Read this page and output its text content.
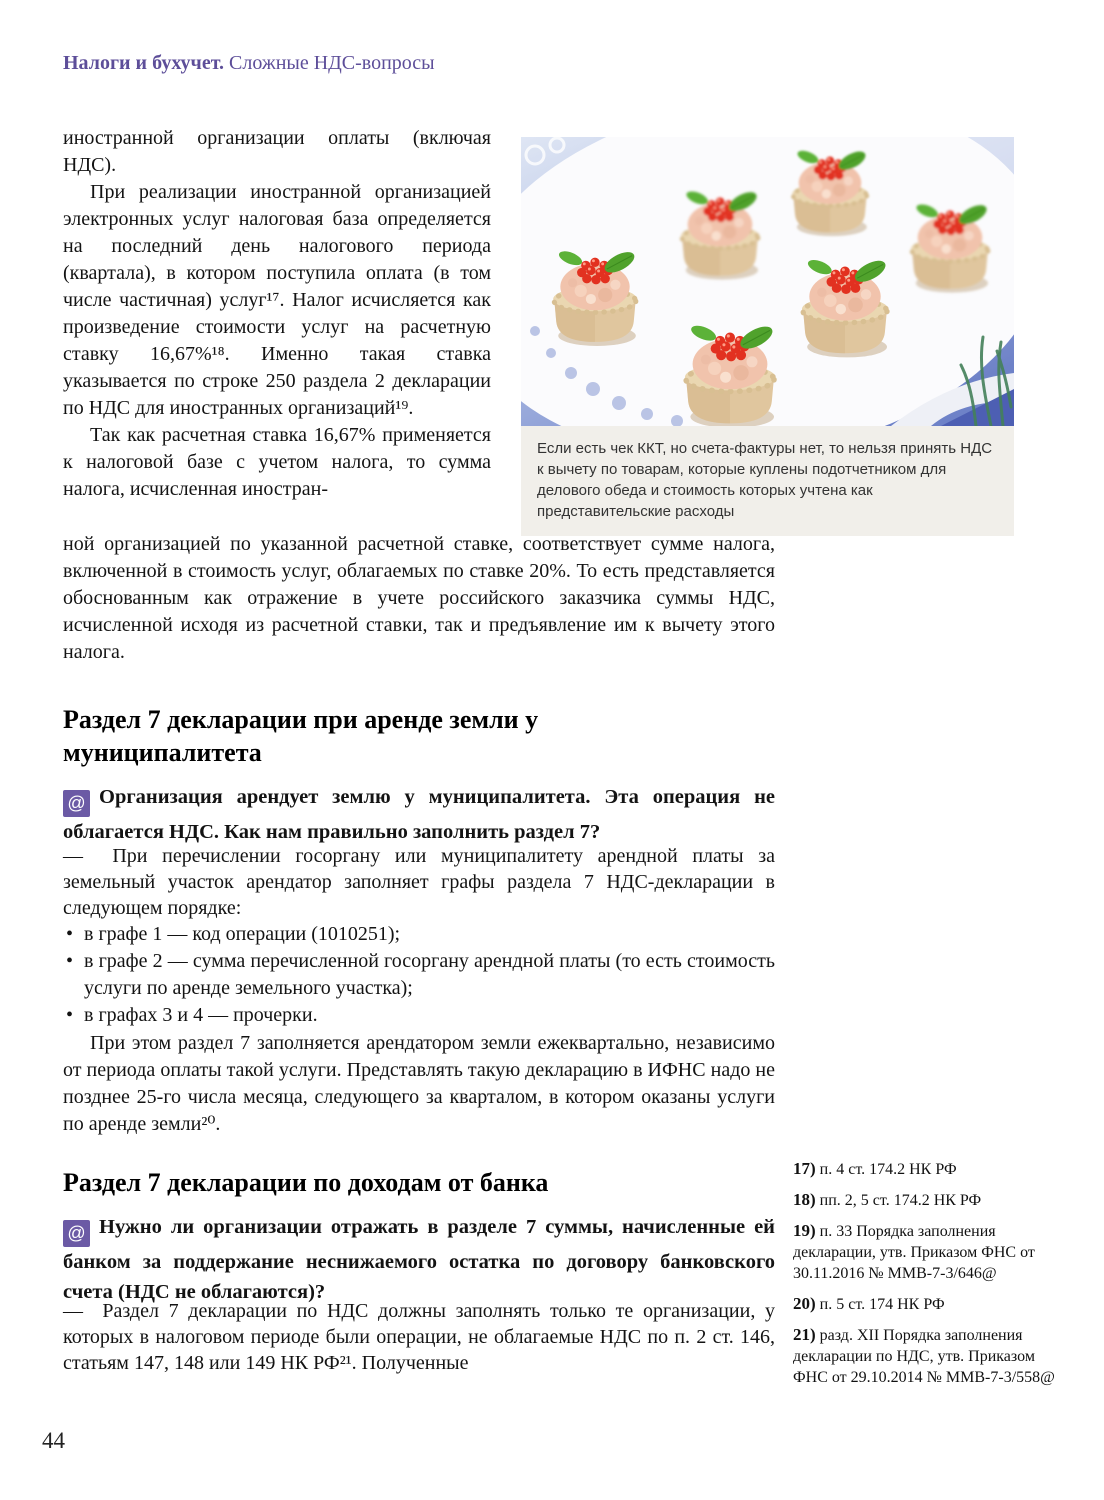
Налоги и бухучет. Сложные НДС-вопросы

иностранной организации оплаты (включая НДС).

При реализации иностранной организацией электронных услуг налоговая база определяется на последний день налогового периода (квартала), в котором поступила оплата (в том числе частичная) услуг¹⁷. Налог исчисляется как произведение стоимости услуг на расчетную ставку 16,67%¹⁸. Именно такая ставка указывается по строке 250 раздела 2 декларации по НДС для иностранных организаций¹⁹.

Так как расчетная ставка 16,67% применяется к налоговой базе с учетом налога, то сумма налога, исчисленная иностран-

Если есть чек ККТ, но счета-фактуры нет, то нельзя принять НДС к вычету по товарам, которые куплены подотчетником для делового обеда и стоимость которых учтена как представительские расходы

ной организацией по указанной расчетной ставке, соответствует сумме налога, включенной в стоимость услуг, облагаемых по ставке 20%. То есть представляется обоснованным как отражение в учете российского заказчика суммы НДС, исчисленной исходя из расчетной ставки, так и предъявление им к вычету этого налога.

Раздел 7 декларации при аренде земли у муниципалитета

@ Организация арендует землю у муниципалитета. Эта операция не облагается НДС. Как нам правильно заполнить раздел 7?

—  При перечислении госоргану или муниципалитету арендной платы за земельный участок арендатор заполняет графы раздела 7 НДС-декларации в следующем порядке:

• в графе 1 — код операции (1010251);
• в графе 2 — сумма перечисленной госоргану арендной платы (то есть стоимость услуги по аренде земельного участка);
• в графах 3 и 4 — прочерки.

При этом раздел 7 заполняется арендатором земли ежеквартально, независимо от периода оплаты такой услуги. Представлять такую декларацию в ИФНС надо не позднее 25-го числа месяца, следующего за кварталом, в котором оказаны услуги по аренде земли²⁰.

Раздел 7 декларации по доходам от банка

@ Нужно ли организации отражать в разделе 7 суммы, начисленные ей банком за поддержание неснижаемого остатка по договору банковского счета (НДС не облагаются)?

—  Раздел 7 декларации по НДС должны заполнять только те организации, у которых в налоговом периоде были операции, не облагаемые НДС по п. 2 ст. 146, статьям 147, 148 или 149 НК РФ²¹. Полученные

17) п. 4 ст. 174.2 НК РФ
18) пп. 2, 5 ст. 174.2 НК РФ
19) п. 33 Порядка заполнения декларации, утв. Приказом ФНС от 30.11.2016 № ММВ-7-3/646@
20) п. 5 ст. 174 НК РФ
21) разд. XII Порядка заполнения декларации по НДС, утв. Приказом ФНС от 29.10.2014 № ММВ-7-3/558@
44
